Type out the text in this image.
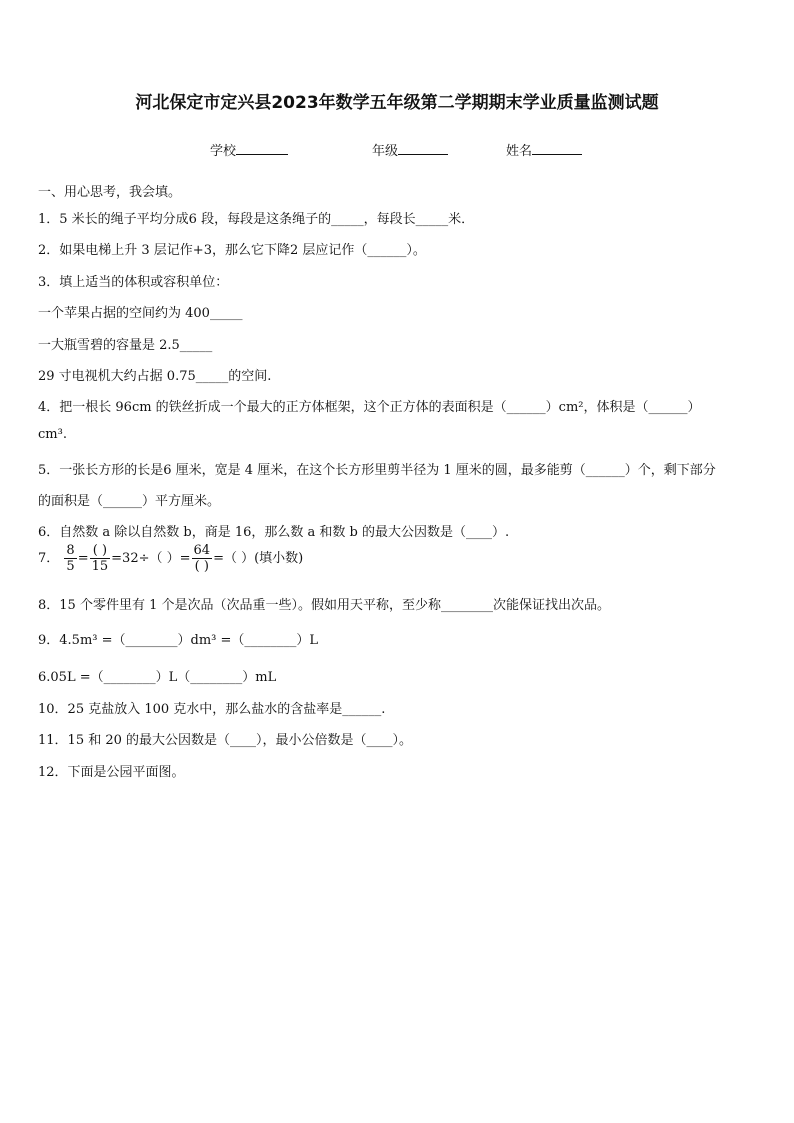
河北保定市定兴县2023年数学五年级第二学期期末学业质量监测试题
学校	年级	姓名
一、用心思考，我会填。
1．5 米长的绳子平均分成6 段，每段是这条绳子的_____，每段长_____米．
2．如果电梯上升 3 层记作+3，那么它下降2 层应记作（______）。
3．填上适当的体积或容积单位：
一个苹果占据的空间约为 400_____
一大瓶雪碧的容量是 2.5_____
29 寸电视机大约占据 0.75_____的空间.
4．把一根长 96cm 的铁丝折成一个最大的正方体框架，这个正方体的表面积是（______）cm²，体积是（______）
cm³.
5．一张长方形的长是6 厘米，宽是 4 厘米，在这个长方形里剪半径为 1 厘米的圆，最多能剪（______）个，剩下部分
的面积是（______）平方厘米。
6．自然数 a 除以自然数 b，商是 16，那么数 a 和数 b 的最大公因数是（____）.
7． $\frac{8}{5} = \frac{( )}{15} =32\div$（ ）= $\frac{64}{( )}$ =（ ）(填小数)
8．15 个零件里有 1 个是次品（次品重一些）。假如用天平称，至少称________次能保证找出次品。
9．4.5m³ =（________）dm³ =（________）L
6.05L =（________）L（________）mL
10．25 克盐放入 100 克水中，那么盐水的含盐率是______.
11．15 和 20 的最大公因数是（____），最小公倍数是（____）。
12．下面是公园平面图。
